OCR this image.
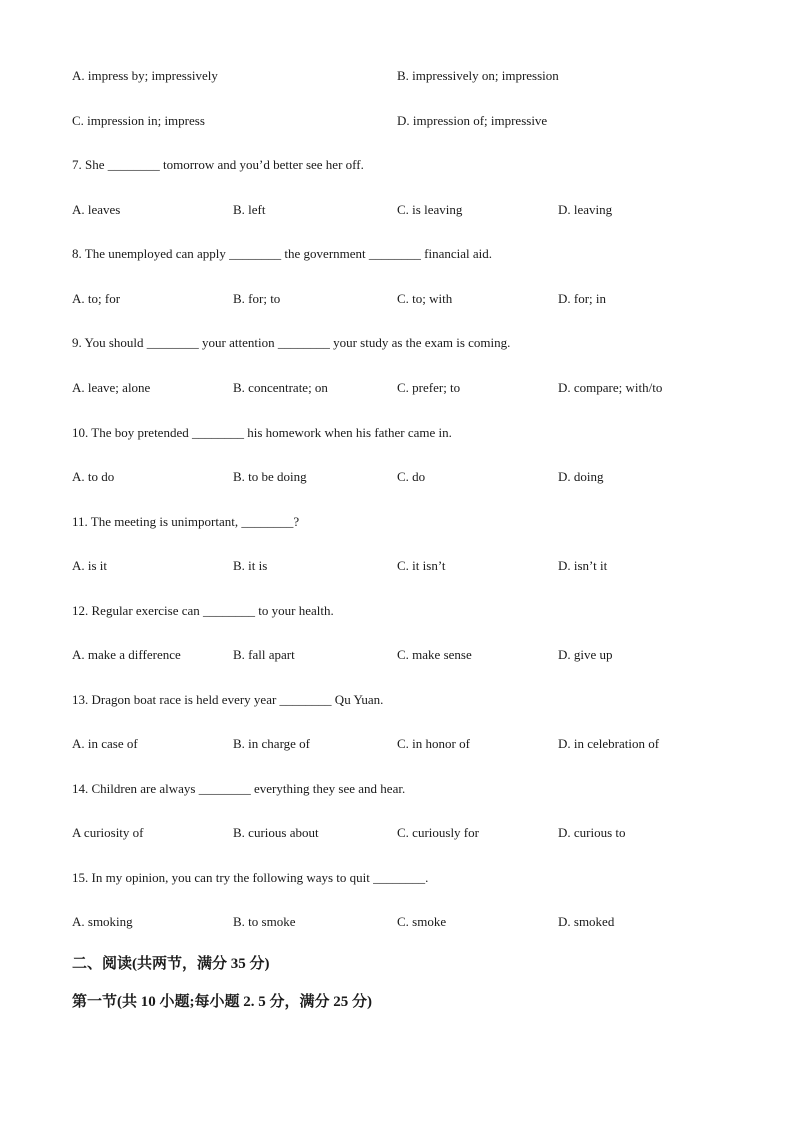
A. impress by; impressively	B. impressively on; impression
C. impression in; impress	D. impression of; impressive
7. She ________ tomorrow and you’d better see her off.
A. leaves	B. left	C. is leaving	D. leaving
8. The unemployed can apply ________ the government ________ financial aid.
A. to; for	B. for; to	C. to; with	D. for; in
9. You should ________ your attention ________ your study as the exam is coming.
A. leave; alone	B. concentrate; on	C. prefer; to	D. compare; with/to
10. The boy pretended ________ his homework when his father came in.
A. to do	B. to be doing	C. do	D. doing
11. The meeting is unimportant, ________?
A. is it	B. it is	C. it isn’t	D. isn’t it
12. Regular exercise can ________ to your health.
A. make a difference	B. fall apart	C. make sense	D. give up
13. Dragon boat race is held every year ________ Qu Yuan.
A. in case of	B. in charge of	C. in honor of	D. in celebration of
14. Children are always ________ everything they see and hear.
A curiosity of	B. curious about	C. curiously for	D. curious to
15. In my opinion, you can try the following ways to quit ________.
A. smoking	B. to smoke	C. smoke	D. smoked
二、阅读(共两节，满分 35 分)
第一节(共 10 小题;每小题 2. 5 分，满分 25 分)
